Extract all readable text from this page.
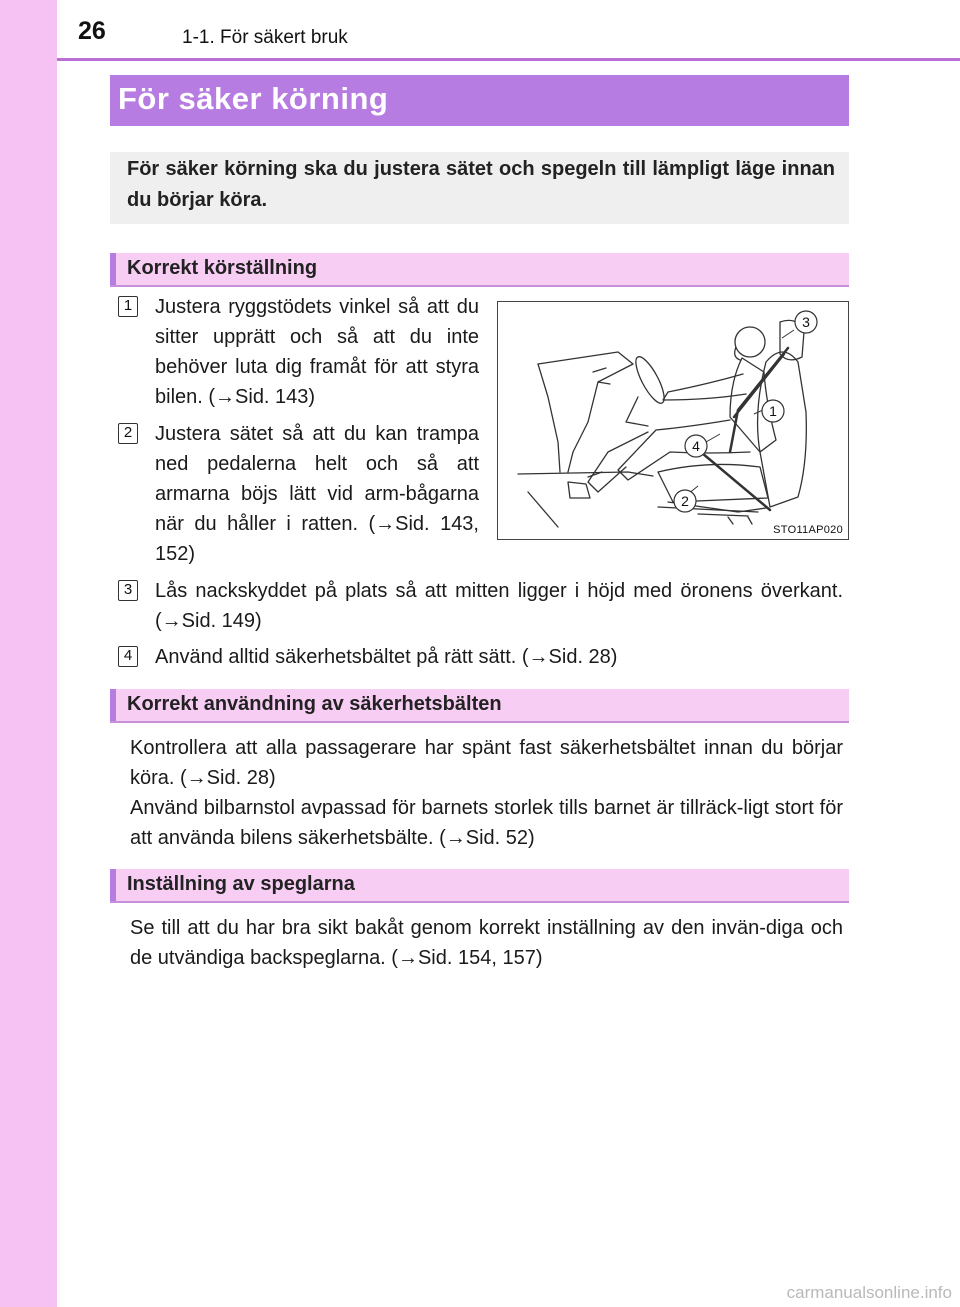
26	1-1. För säkert bruk
För säker körning

För säker körning ska du justera sätet och spegeln till lämpligt läge innan du börjar köra.

Korrekt körställning
1 Justera ryggstödets vinkel så att du sitter upprätt och så att du inte behöver luta dig framåt för att styra bilen. (→Sid. 143)

2 Justera sätet så att du kan trampa ned pedalerna helt och så att armarna böjs lätt vid arm-bågarna när du håller i ratten. (→Sid. 143, 152)

3 Lås nackskyddet på plats så att mitten ligger i höjd med öronens överkant. (→Sid. 149)

4 Använd alltid säkerhetsbältet på rätt sätt. (→Sid. 28)

3
1
4
2
STO11AP020
Korrekt användning av säkerhetsbälten

Kontrollera att alla passagerare har spänt fast säkerhetsbältet innan du börjar köra. (→Sid. 28)

Använd bilbarnstol avpassad för barnets storlek tills barnet är tillräck-ligt stort för att använda bilens säkerhetsbälte. (→Sid. 52)

Inställning av speglarna

Se till att du har bra sikt bakåt genom korrekt inställning av den invän-diga och de utvändiga backspeglarna. (→Sid. 154, 157)

carmanualsonline.info
